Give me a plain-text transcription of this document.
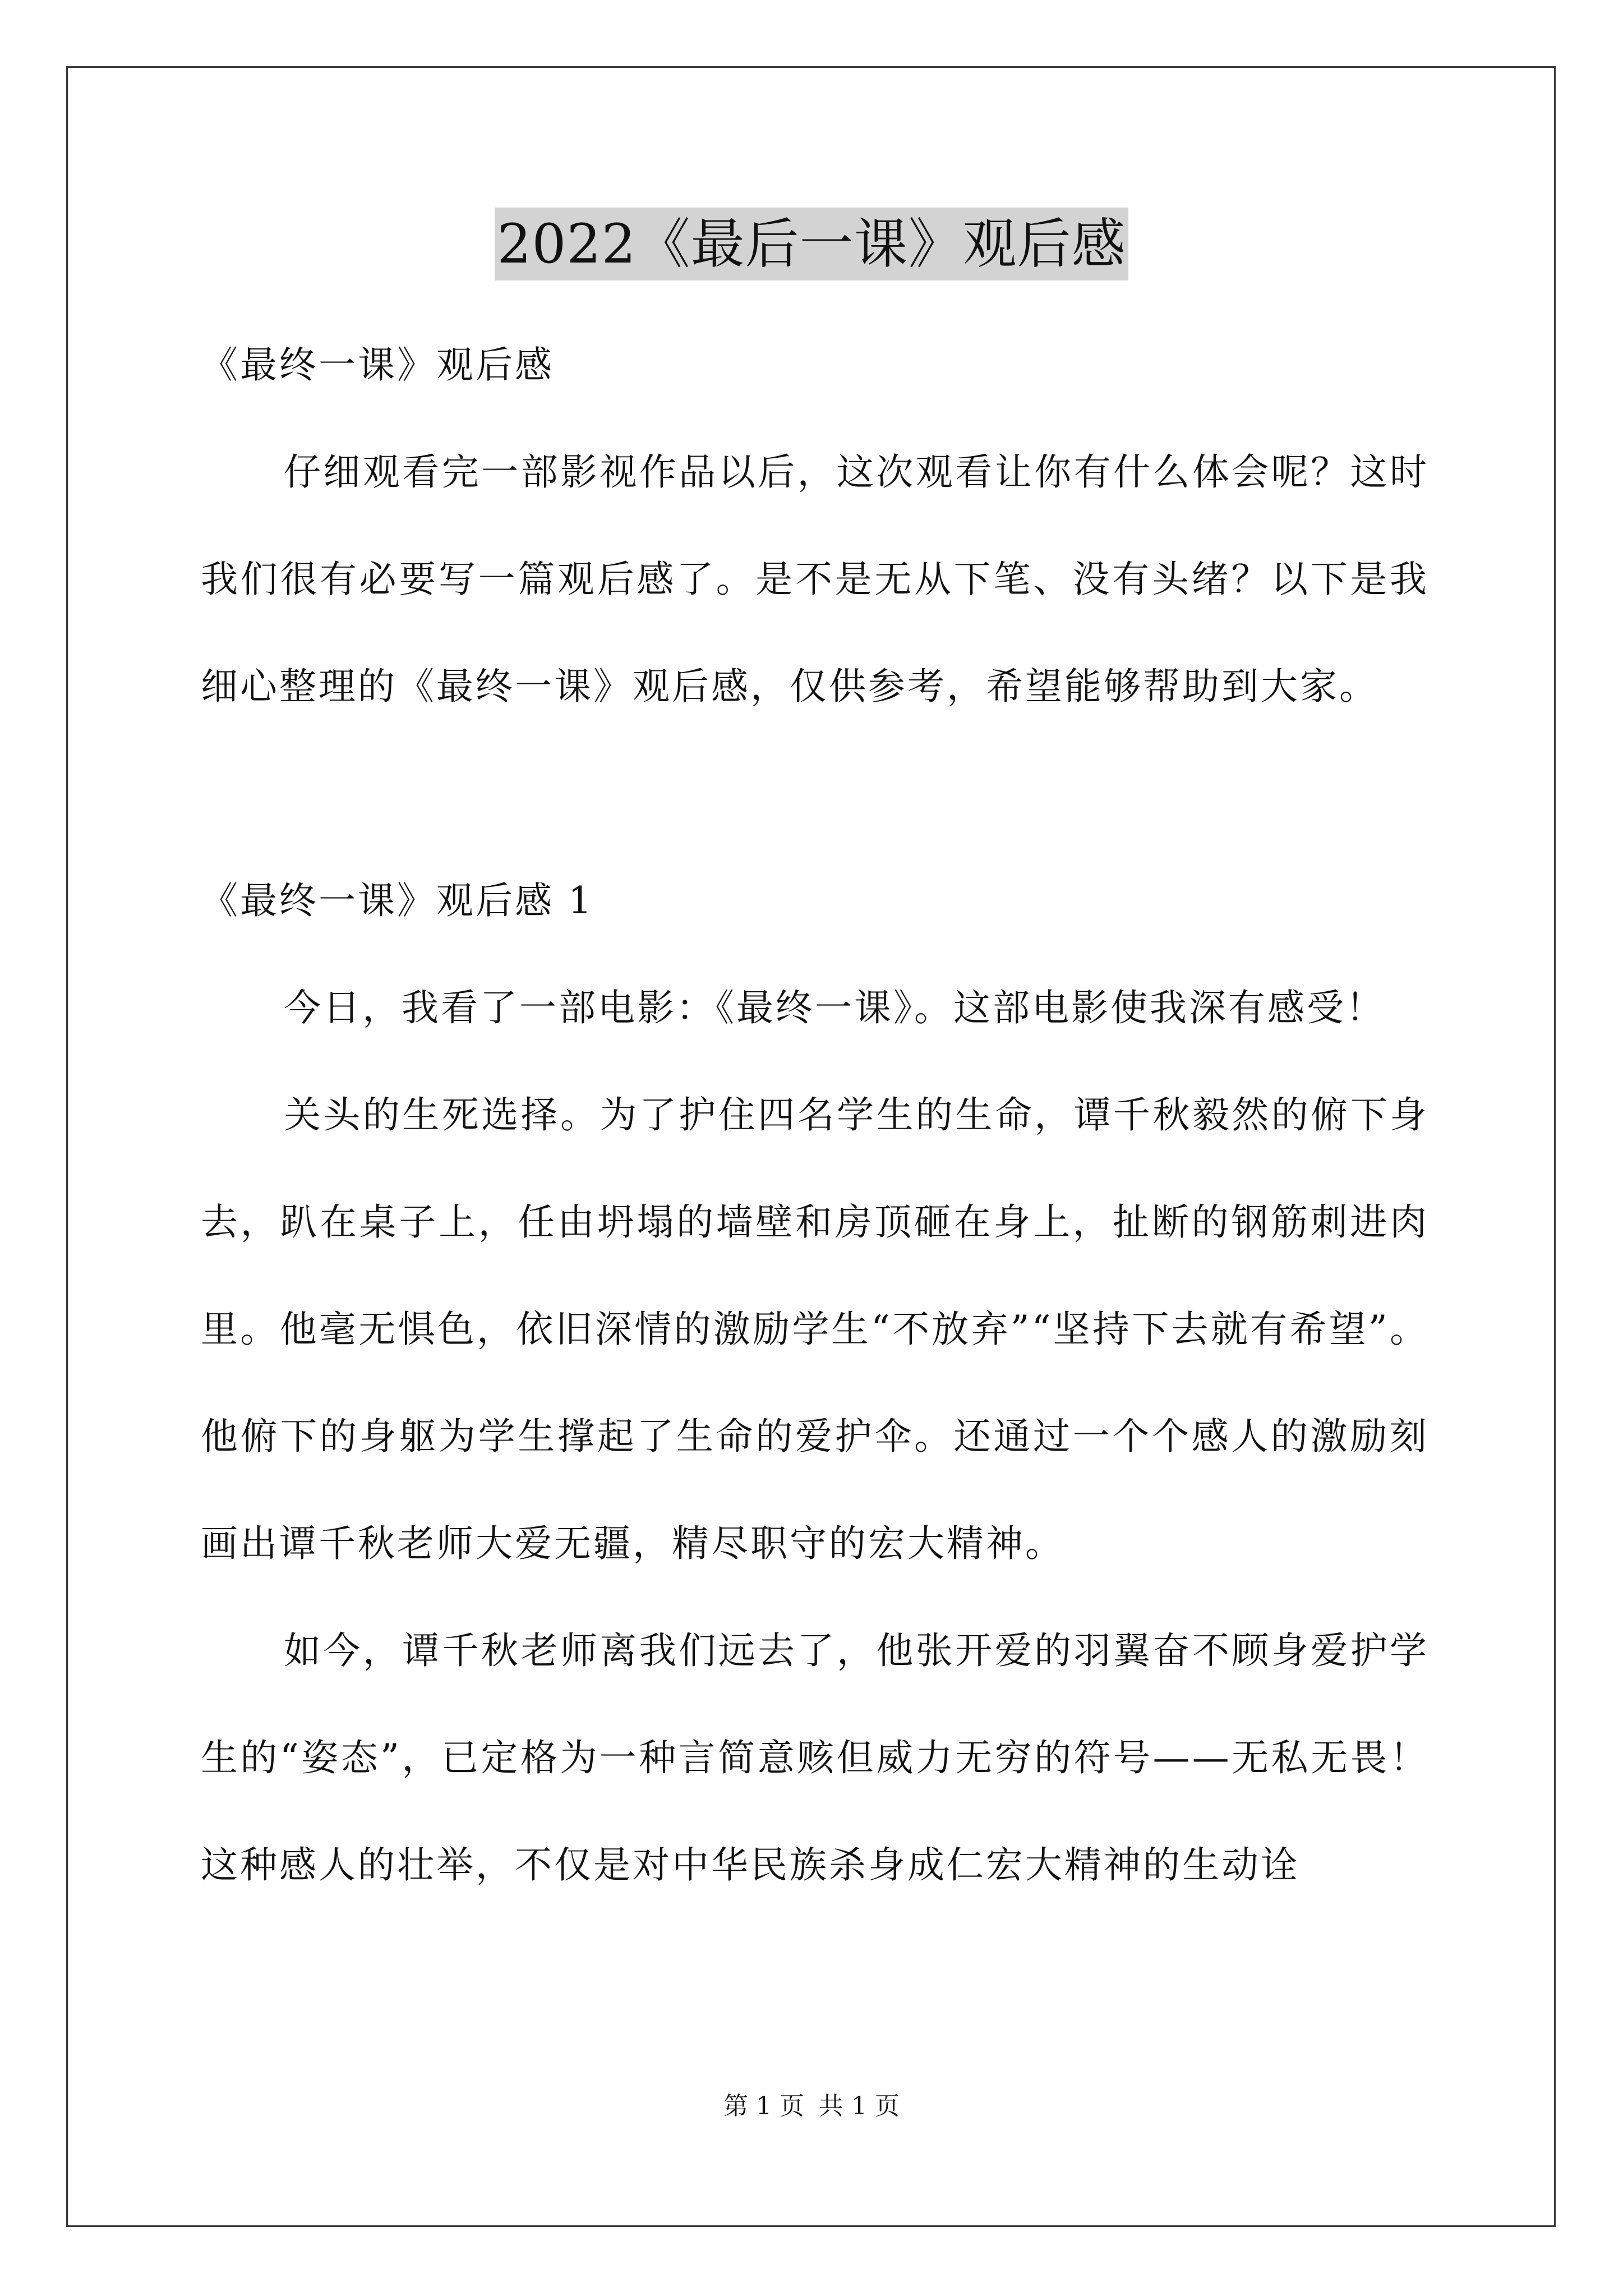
2022《最后一课》观后感

《最终一课》观后感

仔细观看完一部影视作品以后，这次观看让你有什么体会呢？这时我们很有必要写一篇观后感了。是不是无从下笔、没有头绪？以下是我细心整理的《最终一课》观后感，仅供参考，希望能够帮助到大家。

《最终一课》观后感 1

今日，我看了一部电影：《最终一课》。这部电影使我深有感受！

关头的生死选择。为了护住四名学生的生命，谭千秋毅然的俯下身去，趴在桌子上，任由坍塌的墙壁和房顶砸在身上，扯断的钢筋刺进肉里。他毫无惧色，依旧深情的激励学生“不放弃”“坚持下去就有希望”。他俯下的身躯为学生撑起了生命的爱护伞。还通过一个个感人的激励刻画出谭千秋老师大爱无疆，精尽职守的宏大精神。

如今，谭千秋老师离我们远去了，他张开爱的羽翼奋不顾身爱护学生的“姿态”，已定格为一种言简意赅但威力无穷的符号——无私无畏！这种感人的壮举，不仅是对中华民族杀身成仁宏大精神的生动诠

第 1 页 共 1 页
